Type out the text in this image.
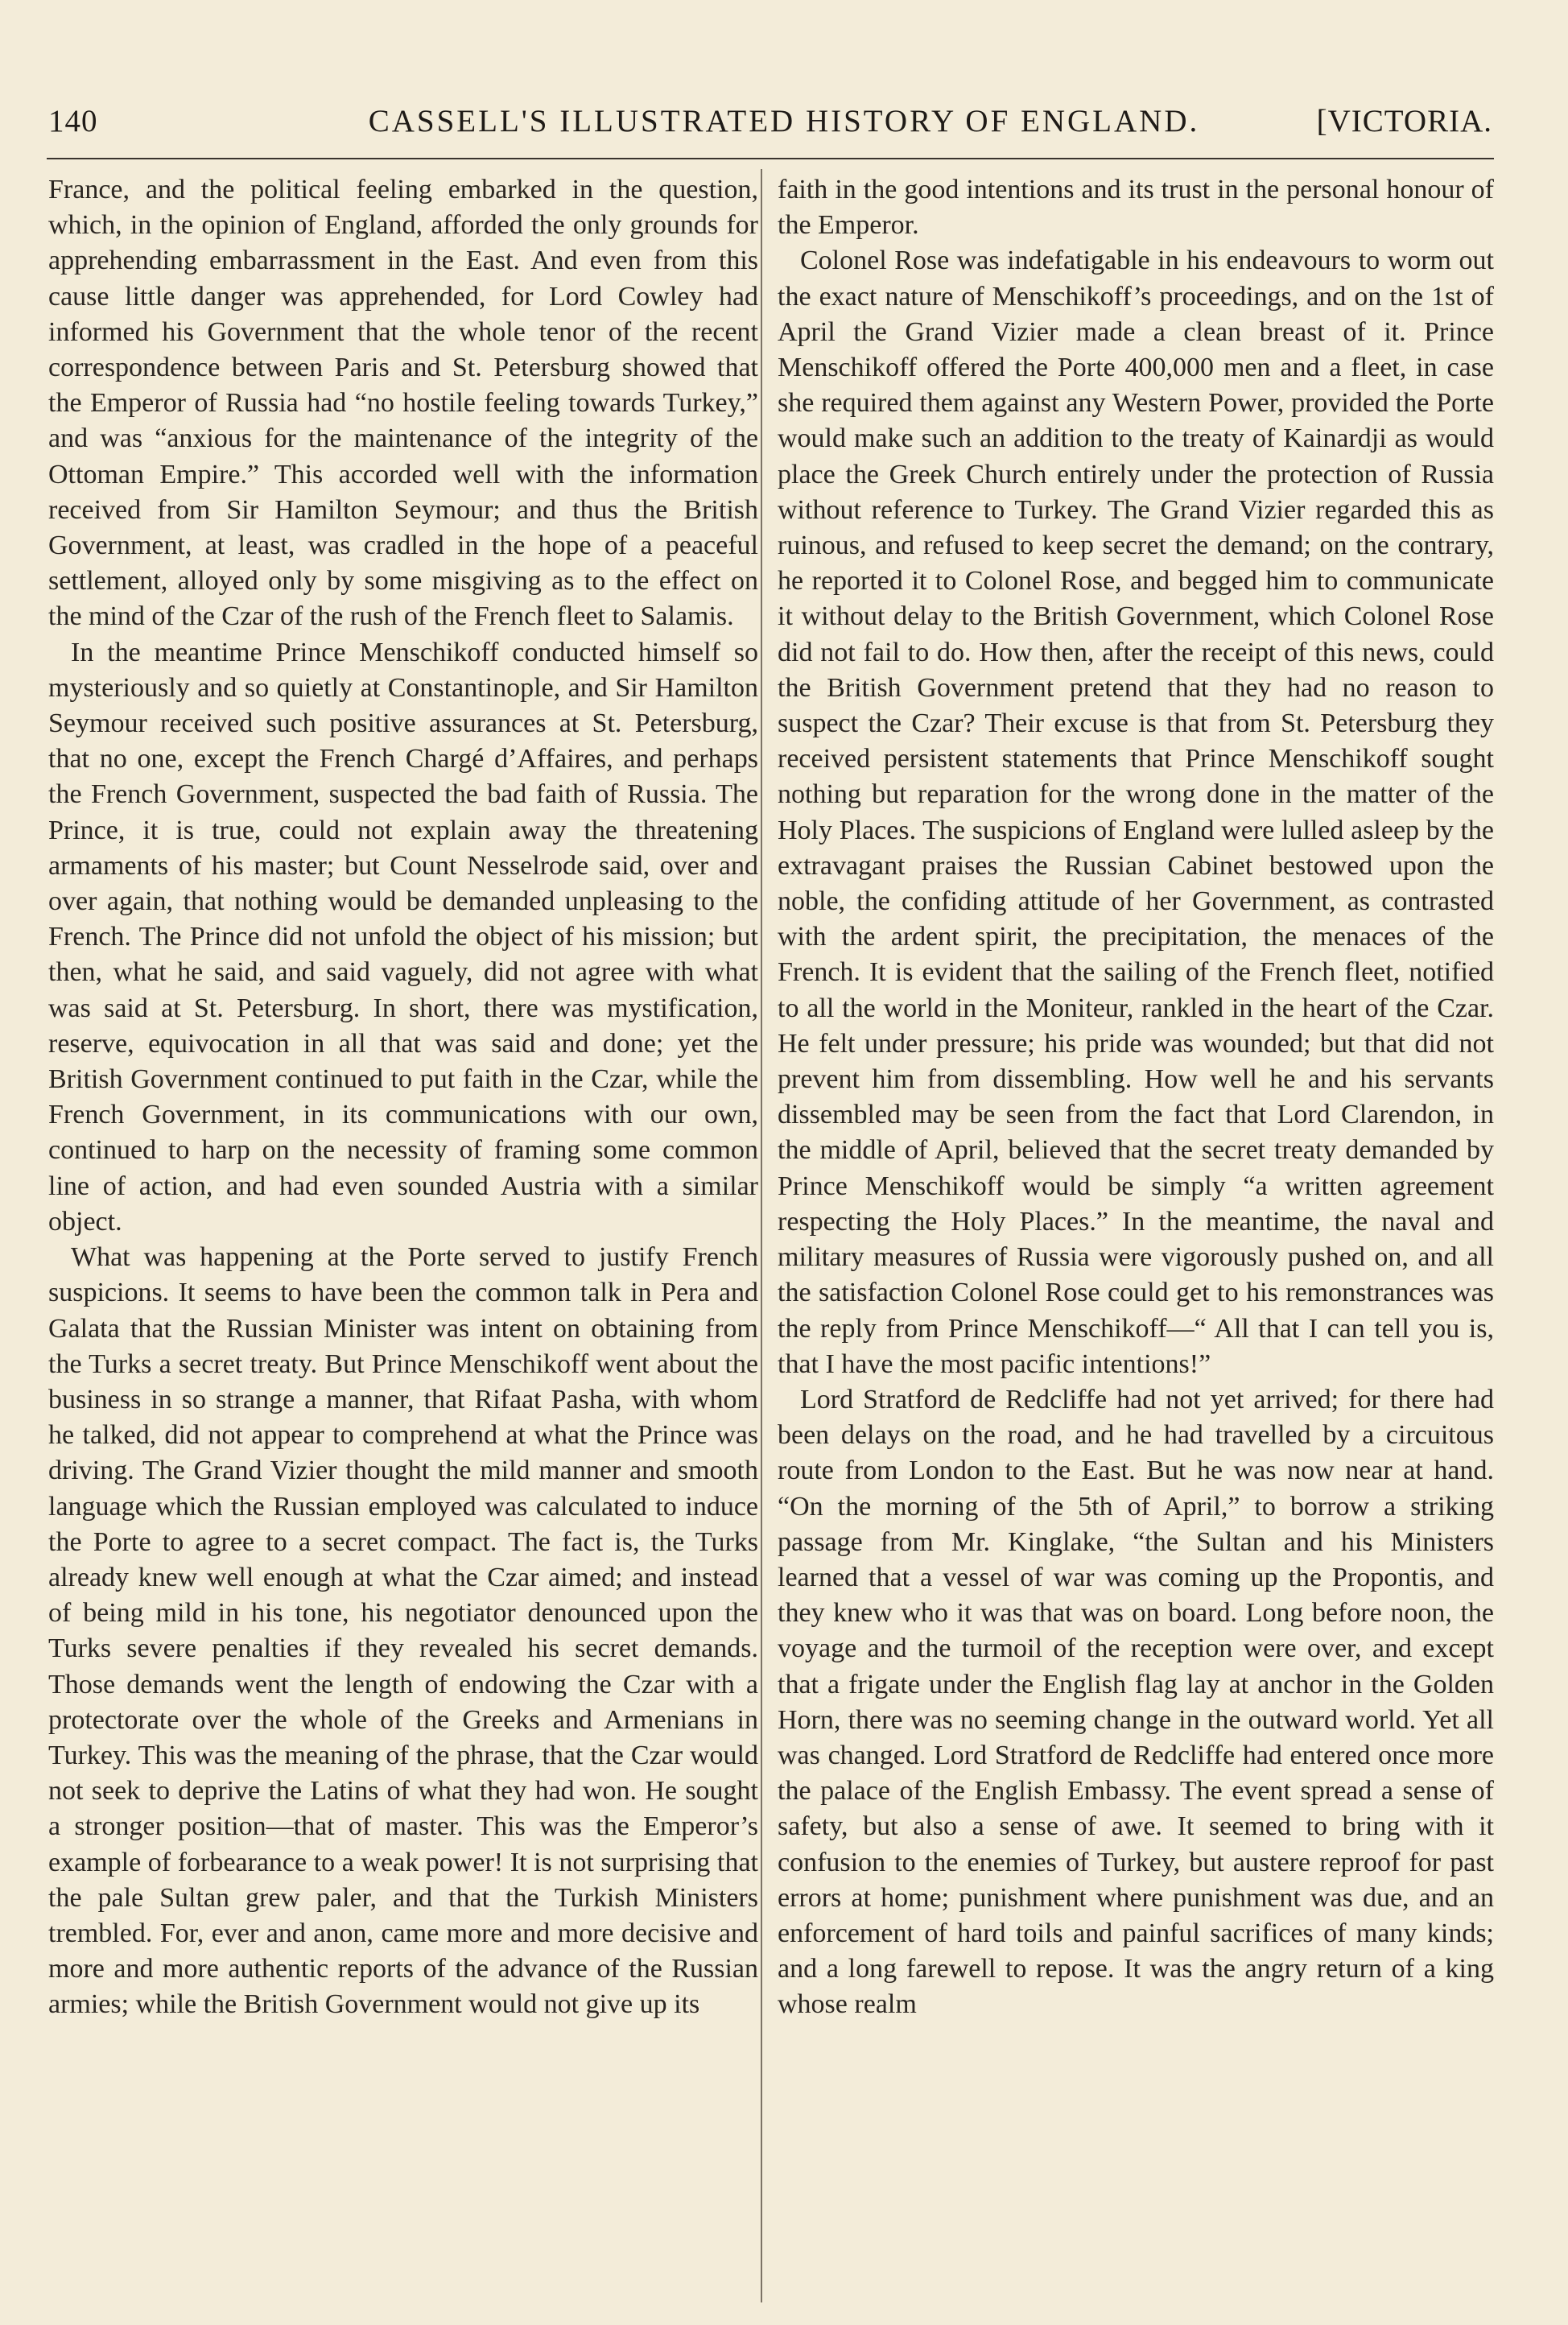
140	CASSELL'S ILLUSTRATED HISTORY OF ENGLAND.	[VICTORIA.

France, and the political feeling embarked in the question, which, in the opinion of England, afforded the only grounds for apprehending embarrassment in the East. And even from this cause little danger was apprehended, for Lord Cowley had informed his Government that the whole tenor of the recent correspondence between Paris and St. Petersburg showed that the Emperor of Russia had “no hostile feeling towards Turkey,” and was “anxious for the maintenance of the integrity of the Ottoman Empire.” This accorded well with the information received from Sir Hamilton Seymour; and thus the British Government, at least, was cradled in the hope of a peaceful settlement, alloyed only by some misgiving as to the effect on the mind of the Czar of the rush of the French fleet to Salamis.

In the meantime Prince Menschikoff conducted himself so mysteriously and so quietly at Constantinople, and Sir Hamilton Seymour received such positive assurances at St. Petersburg, that no one, except the French Chargé d’Affaires, and perhaps the French Government, suspected the bad faith of Russia. The Prince, it is true, could not explain away the threatening armaments of his master; but Count Nesselrode said, over and over again, that nothing would be demanded unpleasing to the French. The Prince did not unfold the object of his mission; but then, what he said, and said vaguely, did not agree with what was said at St. Petersburg. In short, there was mystification, reserve, equivocation in all that was said and done; yet the British Government continued to put faith in the Czar, while the French Government, in its communications with our own, continued to harp on the necessity of framing some common line of action, and had even sounded Austria with a similar object.

What was happening at the Porte served to justify French suspicions. It seems to have been the common talk in Pera and Galata that the Russian Minister was intent on obtaining from the Turks a secret treaty. But Prince Menschikoff went about the business in so strange a manner, that Rifaat Pasha, with whom he talked, did not appear to comprehend at what the Prince was driving. The Grand Vizier thought the mild manner and smooth language which the Russian employed was calculated to induce the Porte to agree to a secret compact. The fact is, the Turks already knew well enough at what the Czar aimed; and instead of being mild in his tone, his negotiator denounced upon the Turks severe penalties if they revealed his secret demands. Those demands went the length of endowing the Czar with a protectorate over the whole of the Greeks and Armenians in Turkey. This was the meaning of the phrase, that the Czar would not seek to deprive the Latins of what they had won. He sought a stronger position—that of master. This was the Emperor’s example of forbearance to a weak power! It is not surprising that the pale Sultan grew paler, and that the Turkish Ministers trembled. For, ever and anon, came more and more decisive and more and more authentic reports of the advance of the Russian armies; while the British Government would not give up its

faith in the good intentions and its trust in the personal honour of the Emperor.

Colonel Rose was indefatigable in his endeavours to worm out the exact nature of Menschikoff’s proceedings, and on the 1st of April the Grand Vizier made a clean breast of it. Prince Menschikoff offered the Porte 400,000 men and a fleet, in case she required them against any Western Power, provided the Porte would make such an addition to the treaty of Kainardji as would place the Greek Church entirely under the protection of Russia without reference to Turkey. The Grand Vizier regarded this as ruinous, and refused to keep secret the demand; on the contrary, he reported it to Colonel Rose, and begged him to communicate it without delay to the British Government, which Colonel Rose did not fail to do. How then, after the receipt of this news, could the British Government pretend that they had no reason to suspect the Czar? Their excuse is that from St. Petersburg they received persistent statements that Prince Menschikoff sought nothing but reparation for the wrong done in the matter of the Holy Places. The suspicions of England were lulled asleep by the extravagant praises the Russian Cabinet bestowed upon the noble, the confiding attitude of her Government, as contrasted with the ardent spirit, the precipitation, the menaces of the French. It is evident that the sailing of the French fleet, notified to all the world in the Moniteur, rankled in the heart of the Czar. He felt under pressure; his pride was wounded; but that did not prevent him from dissembling. How well he and his servants dissembled may be seen from the fact that Lord Clarendon, in the middle of April, believed that the secret treaty demanded by Prince Menschikoff would be simply “a written agreement respecting the Holy Places.” In the meantime, the naval and military measures of Russia were vigorously pushed on, and all the satisfaction Colonel Rose could get to his remonstrances was the reply from Prince Menschikoff—“ All that I can tell you is, that I have the most pacific intentions!”

Lord Stratford de Redcliffe had not yet arrived; for there had been delays on the road, and he had travelled by a circuitous route from London to the East. But he was now near at hand. “On the morning of the 5th of April,” to borrow a striking passage from Mr. Kinglake, “the Sultan and his Ministers learned that a vessel of war was coming up the Propontis, and they knew who it was that was on board. Long before noon, the voyage and the turmoil of the reception were over, and except that a frigate under the English flag lay at anchor in the Golden Horn, there was no seeming change in the outward world. Yet all was changed. Lord Stratford de Redcliffe had entered once more the palace of the English Embassy. The event spread a sense of safety, but also a sense of awe. It seemed to bring with it confusion to the enemies of Turkey, but austere reproof for past errors at home; punishment where punishment was due, and an enforcement of hard toils and painful sacrifices of many kinds; and a long farewell to repose. It was the angry return of a king whose realm
